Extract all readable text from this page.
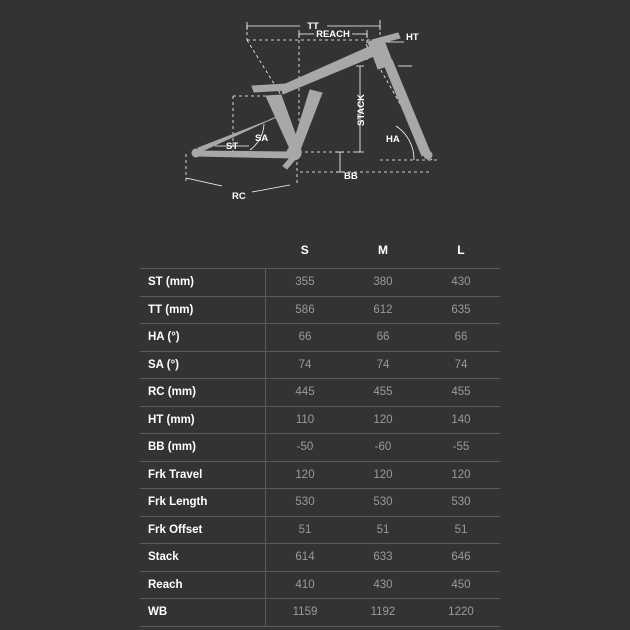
TT
REACH	HT
STACK
HA
SA
ST
BB
RC
	S	M	L
ST (mm)	355	380	430
TT (mm)	586	612	635
HA (°)	66	66	66
SA (°)	74	74	74
RC (mm)	445	455	455
HT (mm)	110	120	140
BB (mm)	-50	-60	-55
Frk Travel	120	120	120
Frk Length	530	530	530
Frk Offset	51	51	51
Stack	614	633	646
Reach	410	430	450
WB	1159	1192	1220
